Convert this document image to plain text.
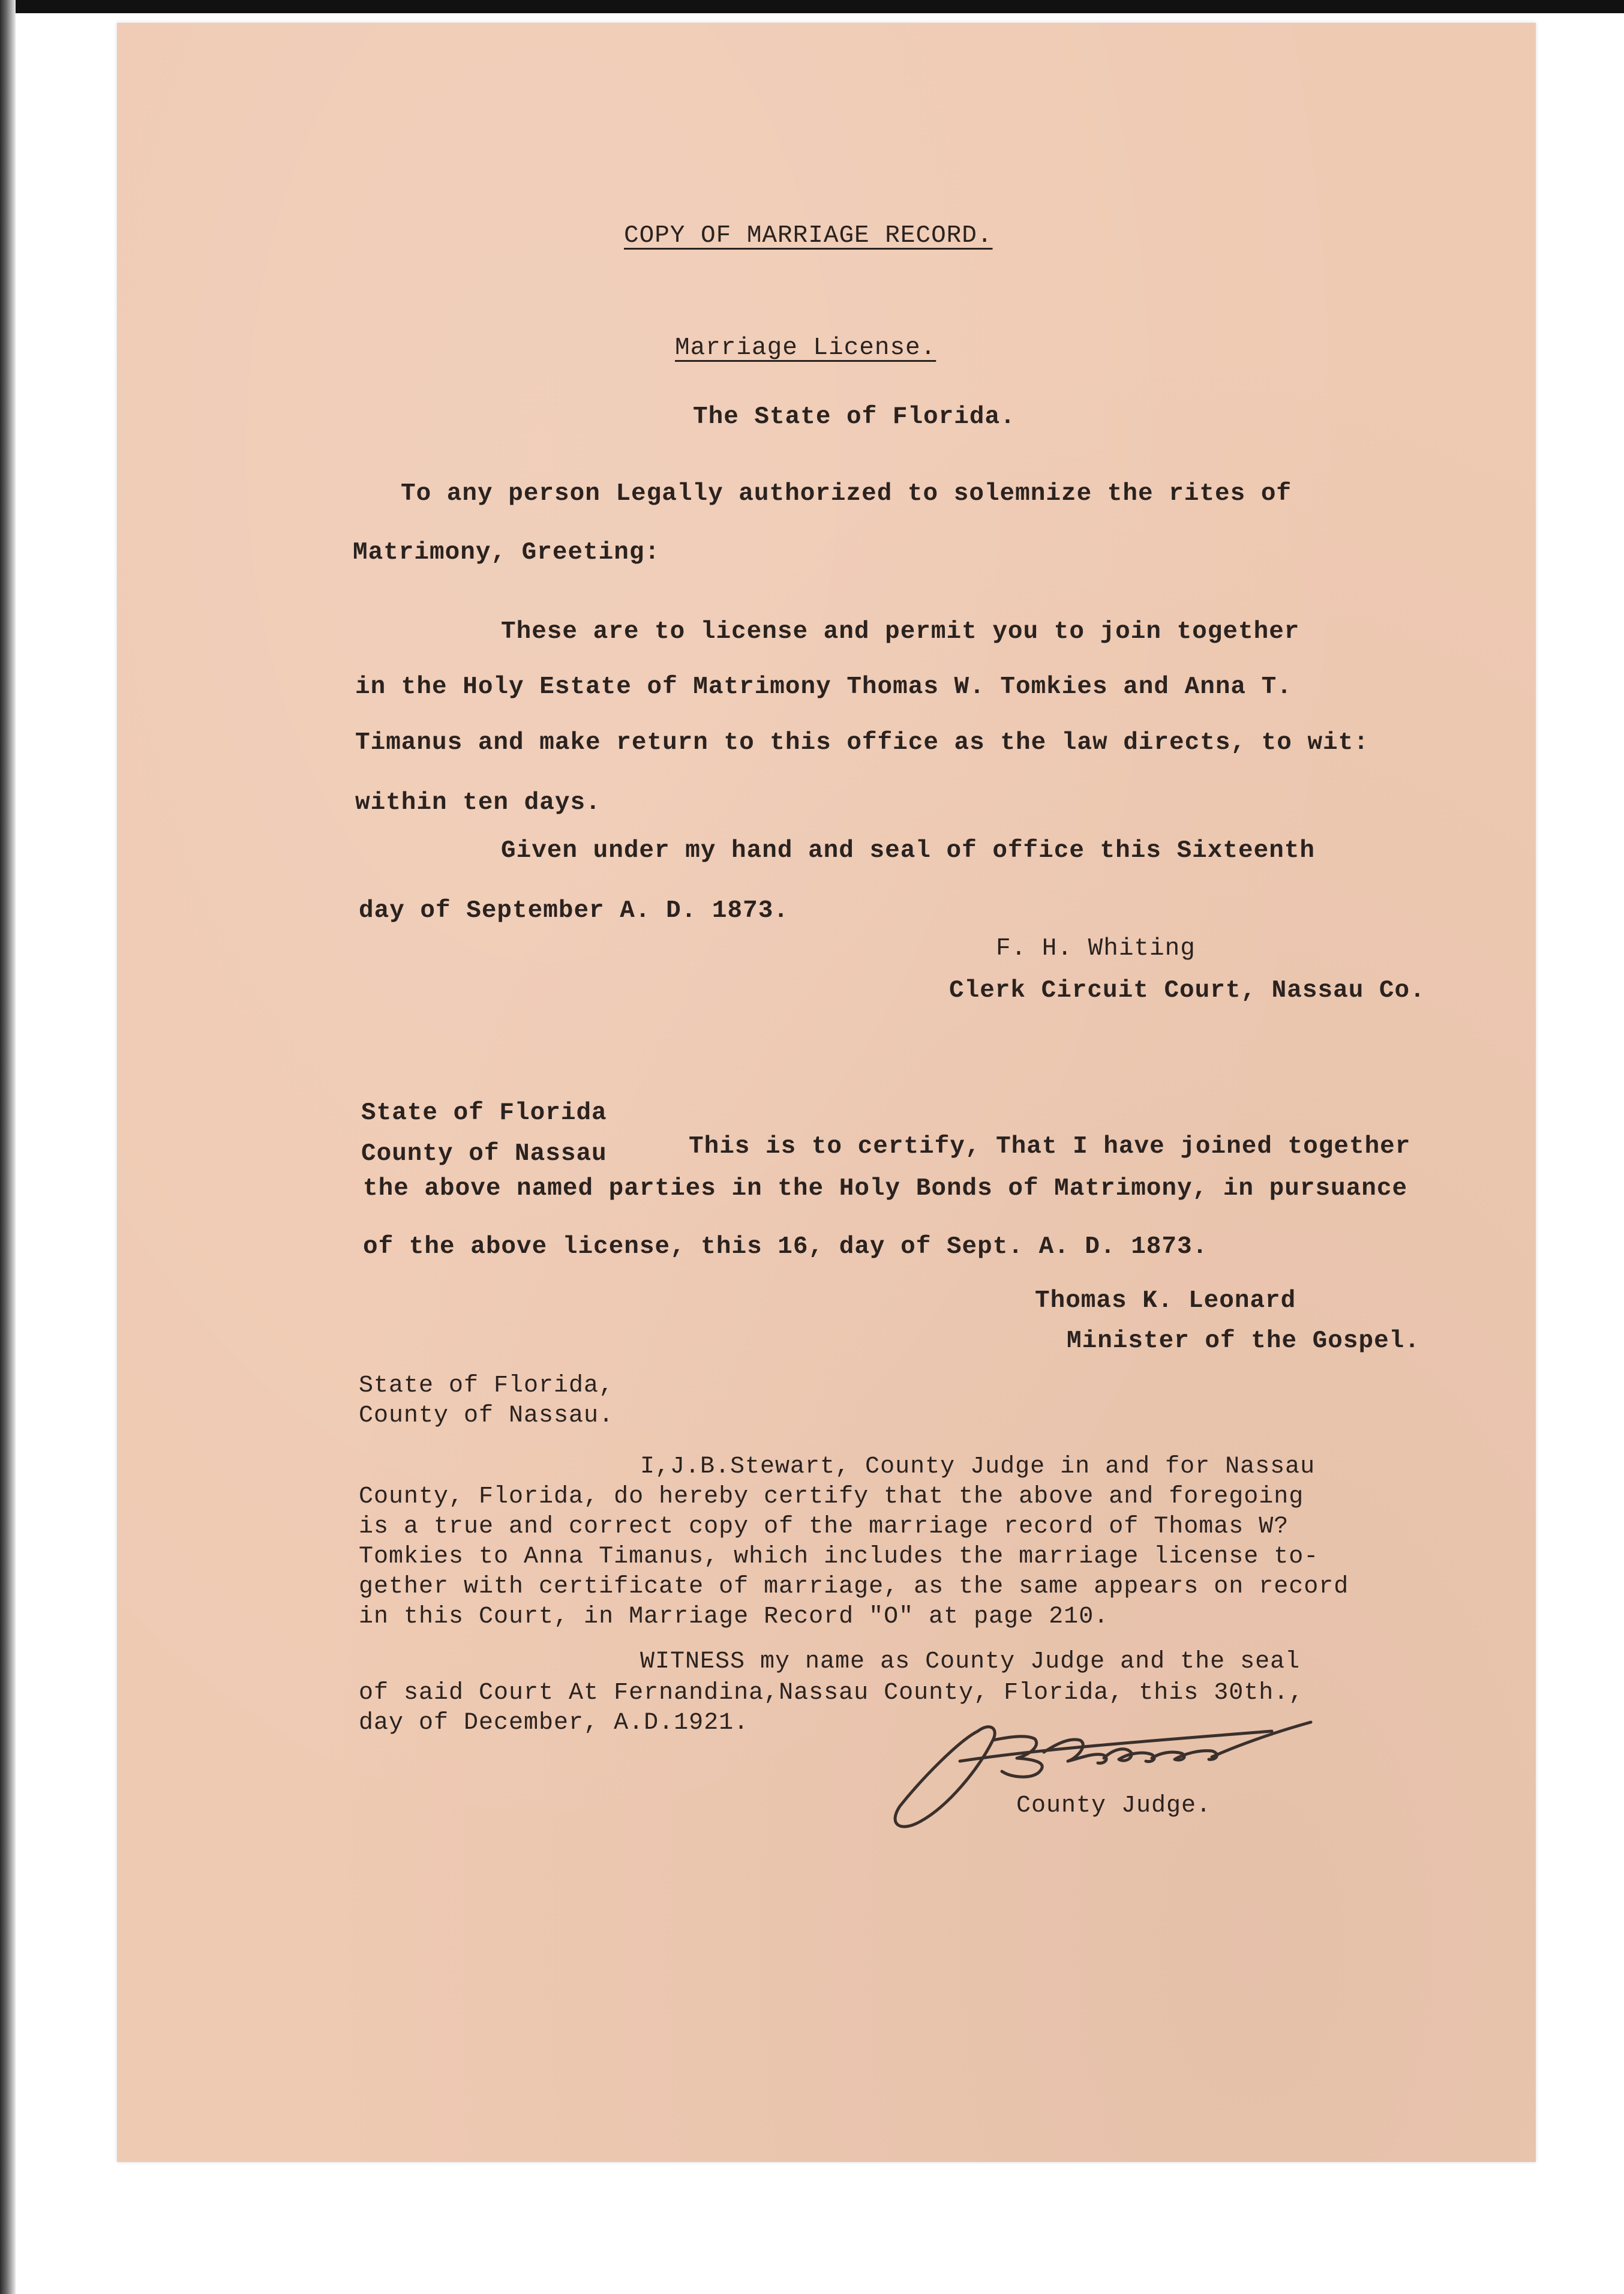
COPY OF MARRIAGE RECORD.
Marriage License.
The State of Florida.
To any person Legally authorized to solemnize the rites of
Matrimony, Greeting:
These are to license and permit you to join together
in the Holy Estate of Matrimony Thomas W. Tomkies and Anna T.
Timanus and make return to this office as the law directs, to wit:
within ten days.
Given under my hand and seal of office this Sixteenth
day of September A. D. 1873.
F. H. Whiting
Clerk Circuit Court, Nassau Co.
State of Florida
County of Nassau	This is to certify, That I have joined together
the above named parties in the Holy Bonds of Matrimony, in pursuance
of the above license, this 16, day of Sept. A. D. 1873.
Thomas K. Leonard
Minister of the Gospel.
State of Florida,
County of Nassau.
I,J.B.Stewart, County Judge in and for Nassau
County, Florida, do hereby certify that the above and foregoing
is a true and correct copy of the marriage record of Thomas W?
Tomkies to Anna Timanus, which includes the marriage license to-
gether with certificate of marriage, as the same appears on record
in this Court, in Marriage Record "O" at page 210.
WITNESS my name as County Judge and the seal
of said Court At Fernandina,Nassau County, Florida, this 30th.,
day of December, A.D.1921.
County Judge.
